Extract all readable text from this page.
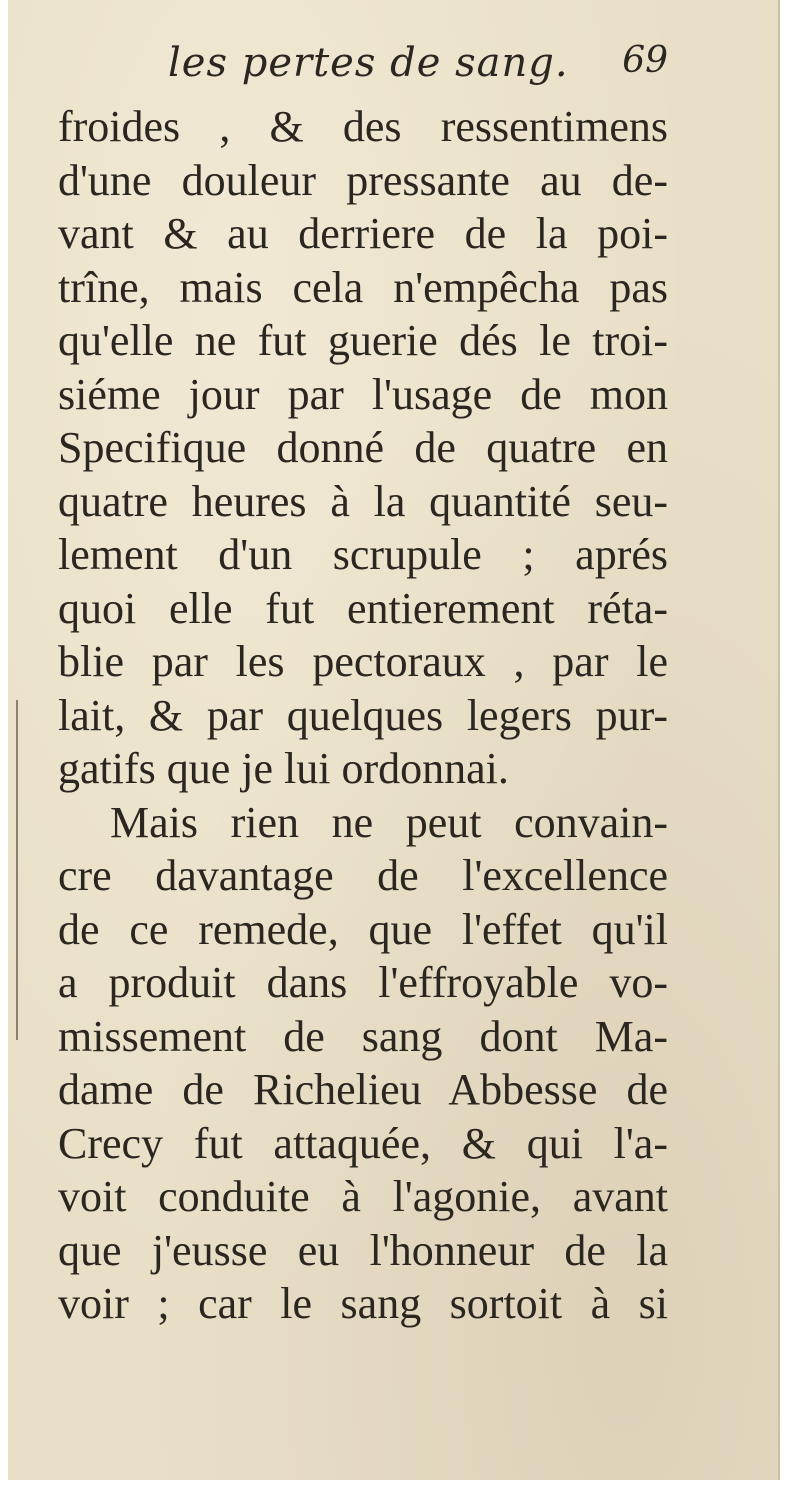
les pertes de sang. 69
froides , & des ressentimens
d'une douleur pressante au de-
vant & au derriere de la poi-
trîne, mais cela n'empêcha pas
qu'elle ne fut guerie dés le troi-
siéme jour par l'usage de mon
Specifique donné de quatre en
quatre heures à la quantité seu-
lement d'un scrupule ; aprés
quoi elle fut entierement réta-
blie par les pectoraux , par le
lait, & par quelques legers pur-
gatifs que je lui ordonnai.
Mais rien ne peut convain-
cre davantage de l'excellence
de ce remede, que l'effet qu'il
a produit dans l'effroyable vo-
missement de sang dont Ma-
dame de Richelieu Abbesse de
Crecy fut attaquée, & qui l'a-
voit conduite à l'agonie, avant
que j'eusse eu l'honneur de la
voir ; car le sang sortoit à si
